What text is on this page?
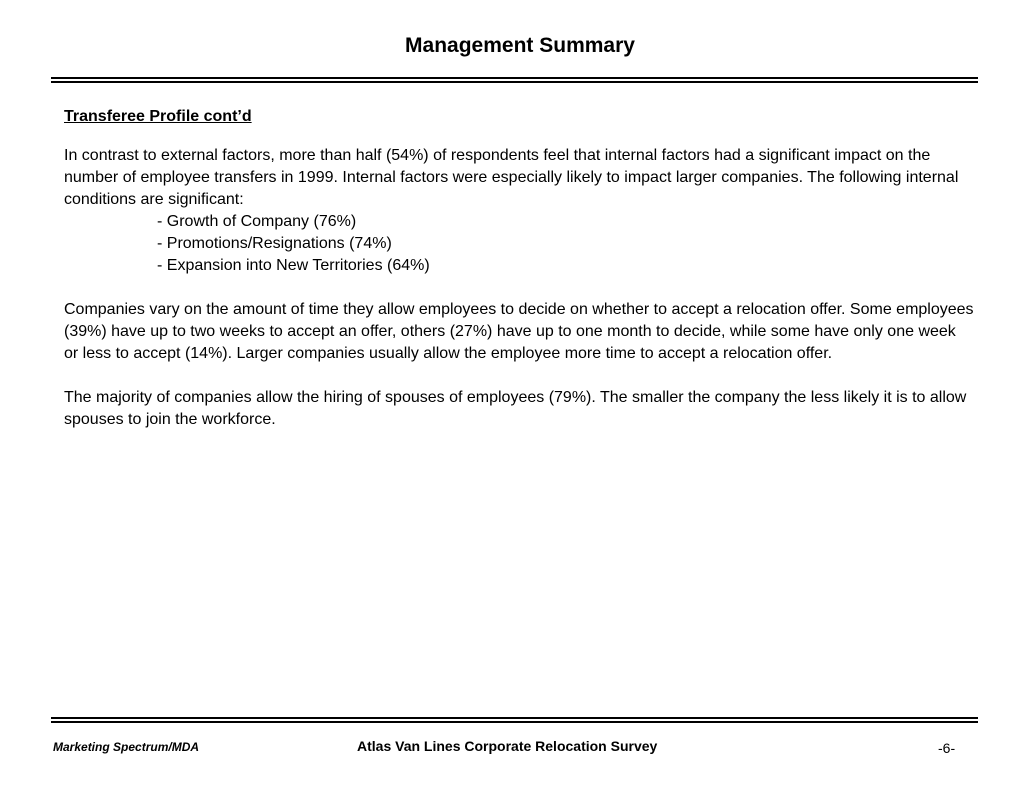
Management Summary
Transferee Profile cont’d

In contrast to external factors, more than half (54%) of respondents feel that internal factors had a significant impact on the number of employee transfers in 1999. Internal factors were especially likely to impact larger companies. The following internal conditions are significant:

- Growth of Company (76%)
- Promotions/Resignations (74%)
- Expansion into New Territories (64%)

Companies vary on the amount of time they allow employees to decide on whether to accept a relocation offer. Some employees (39%) have up to two weeks to accept an offer, others (27%) have up to one month to decide, while some have only one week or less to accept (14%). Larger companies usually allow the employee more time to accept a relocation offer.

The majority of companies allow the hiring of spouses of employees (79%). The smaller the company the less likely it is to allow spouses to join the workforce.

Marketing Spectrum/MDA	Atlas Van Lines Corporate Relocation Survey	-6-
